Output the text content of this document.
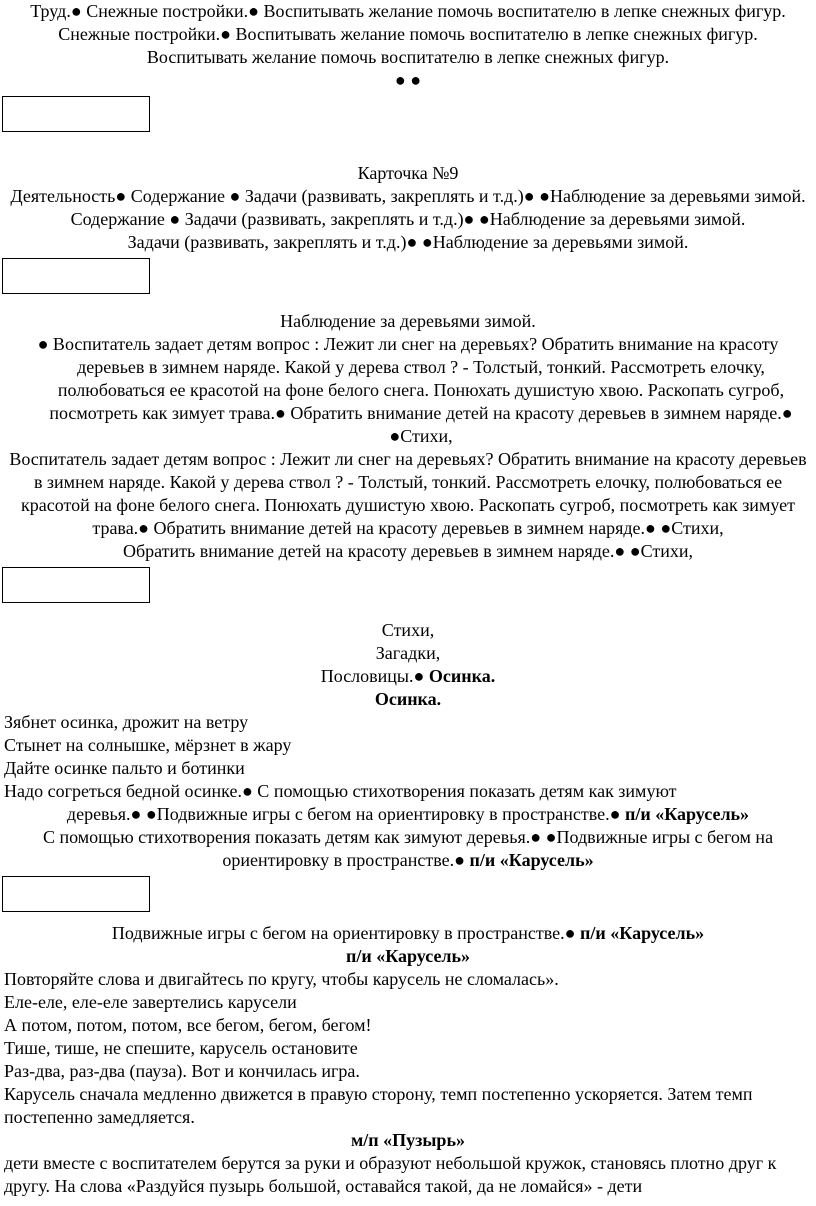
Труд.● Снежные постройки.● Воспитывать желание помочь воспитателю в лепке снежных фигур.

Снежные постройки.● Воспитывать желание помочь воспитателю в лепке снежных фигур.

Воспитывать желание помочь воспитателю в лепке снежных фигур.

● ●

Карточка №9

Деятельность● Содержание ● Задачи (развивать, закреплять и т.д.)● ●Наблюдение за деревьями зимой.

Содержание ● Задачи (развивать, закреплять и т.д.)● ●Наблюдение за деревьями зимой.

Задачи (развивать, закреплять и т.д.)● ●Наблюдение за деревьями зимой.

Наблюдение за деревьями зимой.

● Воспитатель задает детям вопрос : Лежит ли снег на деревьях? Обратить внимание на красоту деревьев в зимнем наряде. Какой у дерева ствол ? - Толстый, тонкий. Рассмотреть елочку, полюбоваться ее красотой на фоне белого снега. Понюхать душистую хвою. Раскопать сугроб, посмотреть как зимует трава.● Обратить внимание детей на красоту деревьев в зимнем наряде.● ●Стихи,

Воспитатель задает детям вопрос : Лежит ли снег на деревьях? Обратить внимание на красоту деревьев в зимнем наряде. Какой у дерева ствол ? - Толстый, тонкий. Рассмотреть елочку, полюбоваться ее красотой на фоне белого снега. Понюхать душистую хвою. Раскопать сугроб, посмотреть как зимует трава.● Обратить внимание детей на красоту деревьев в зимнем наряде.● ●Стихи,

Обратить внимание детей на красоту деревьев в зимнем наряде.● ●Стихи,

Стихи,

Загадки,

Пословицы.● Осинка.

Осинка.

Зябнет осинка, дрожит на ветру

Стынет на солнышке, мёрзнет в жару

Дайте осинке пальто и ботинки

Надо согреться бедной осинке.● С помощью стихотворения показать детям как зимуют

деревья.● ●Подвижные игры с бегом на ориентировку в пространстве.● п/и «Карусель»

С помощью стихотворения показать детям как зимуют деревья.● ●Подвижные игры с бегом на ориентировку в пространстве.● п/и «Карусель»

Подвижные игры с бегом на ориентировку в пространстве.● п/и «Карусель»

п/и «Карусель»

Повторяйте слова и двигайтесь по кругу, чтобы карусель не сломалась».

Еле-еле, еле-еле завертелись карусели

А потом, потом, потом, все бегом, бегом, бегом!

Тише, тише, не спешите, карусель остановите

Раз-два, раз-два (пауза). Вот и кончилась игра.

Карусель сначала медленно движется в правую сторону, темп постепенно ускоряется. Затем темп постепенно замедляется.

м/п «Пузырь»

дети вместе с воспитателем берутся за руки и образуют небольшой кружок, становясь плотно друг к другу. На слова «Раздуйся пузырь большой, оставайся такой, да не ломайся» - дети
